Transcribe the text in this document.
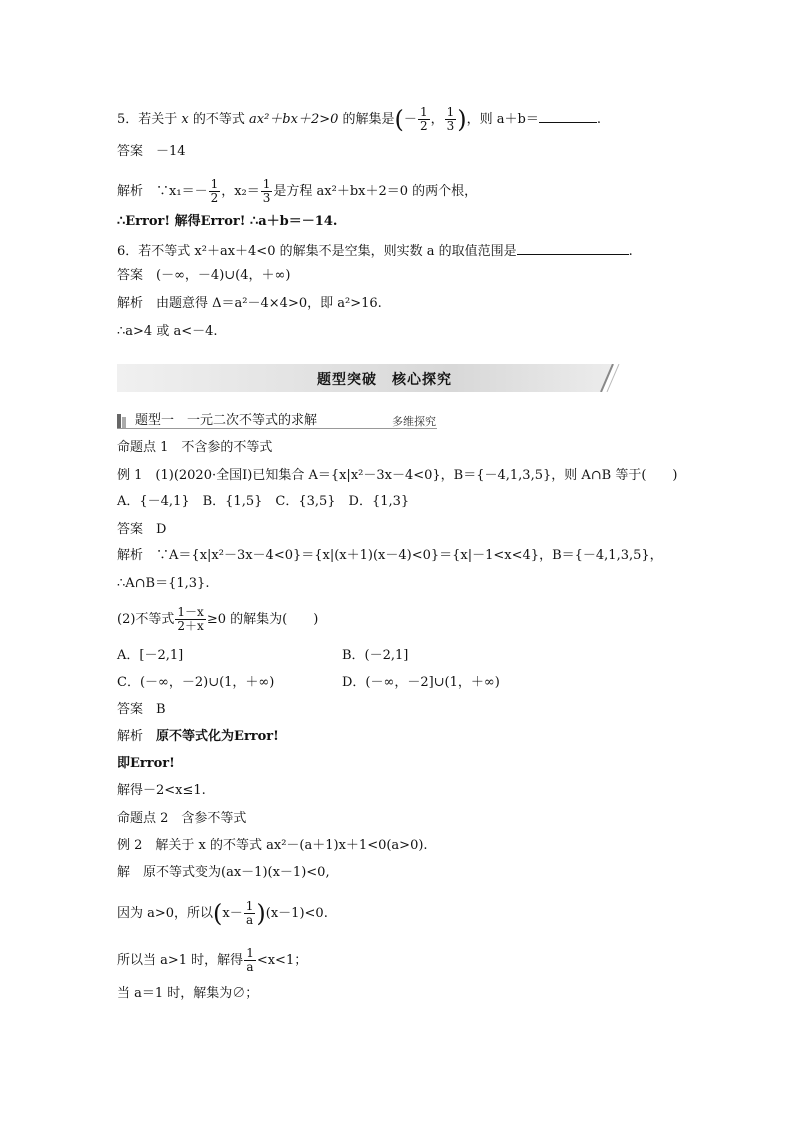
5．若关于 x 的不等式 ax²＋bx＋2>0 的解集是(－ $\frac{1}{2}$ ， $\frac{1}{3}$ )，则 a＋b＝	.
答案　 －14
解析　 ∵x₁＝－ $\frac{1}{2}$ ，$x_2= \frac{1}{3}$ 是方程 ax²＋bx＋2＝0 的两个根，
∴Error! 解得Error! ∴a＋b＝－14.
6．若不等式 x²＋ax＋4<0 的解集不是空集，则实数 a 的取值范围是	.
答案　 (－∞，－4)∪(4，＋∞)
解析　 由题意得 Δ＝a²－4×4>0，即 a²>16.
∴a>4 或 a<－4.
题型突破　核心探究
题型一　一元二次不等式的求解	多维探究
命题点 1　不含参的不等式
例 1　(1)(2020·全国Ⅰ)已知集合 A＝{x|x²－3x－4<0}，B＝{－4,1,3,5}，则 A∩B 等于(　　)
A．{－4,1}　B．{1,5}　C．{3,5}　D．{1,3}
答案　 D
解析　 ∵A＝{x|x²－3x－4<0}＝{x|(x＋1)(x－4)<0}＝{x|－1<x<4}，B＝{－4,1,3,5}，
∴A∩B＝{1,3}.
(2)不等式 $\frac{1-x}{2+x} \ge 0$ 的解集为(　　)
A．[－2,1]	B．(－2,1]
C．(－∞，－2)∪(1，＋∞)	D．(－∞，－2]∪(1，＋∞)
答案　 B
解析　 原不等式化为Error!
即Error!
解得－2<x≤1.
命题点 2　含参不等式
例 2　解关于 x 的不等式 ax²－(a＋1)x＋1<0(a>0).
解　 原不等式变为(ax－1)(x－1)<0,
因为 a>0，所以$(x- \frac{1}{a} )(x-1)<0$.
所以当 a>1 时，解得 $\frac{1}{a} <x<1$；
当 a＝1 时，解集为∅；
